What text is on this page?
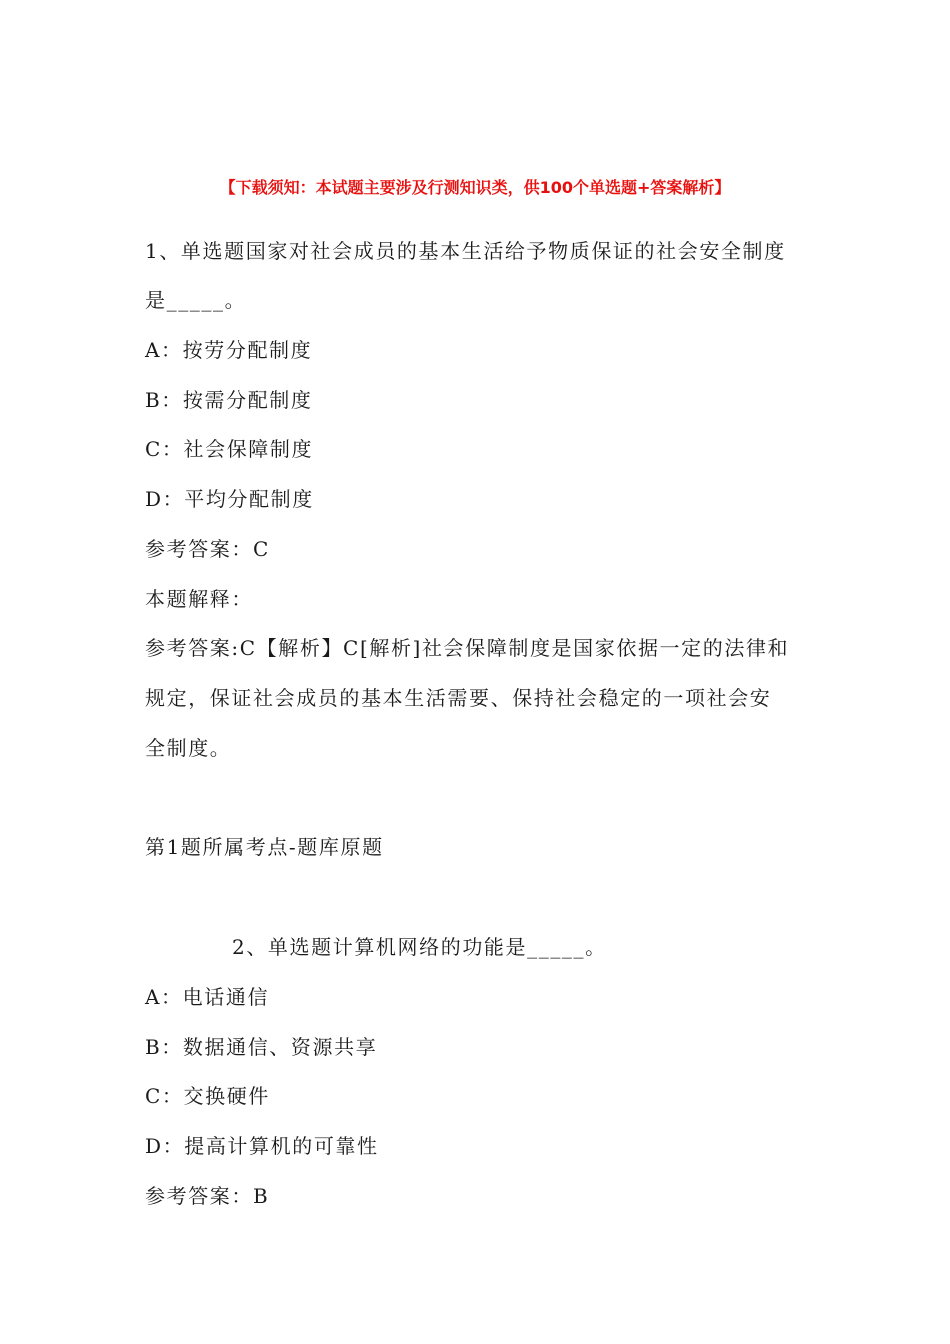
【下载须知：本试题主要涉及行测知识类，供100个单选题+答案解析】
1、单选题国家对社会成员的基本生活给予物质保证的社会安全制度
是_____。
A：按劳分配制度
B：按需分配制度
C：社会保障制度
D：平均分配制度
参考答案：C
本题解释：
参考答案:C【解析】C[解析]社会保障制度是国家依据一定的法律和
规定，保证社会成员的基本生活需要、保持社会稳定的一项社会安
全制度。
第1题所属考点-题库原题
2、单选题计算机网络的功能是_____。
A：电话通信
B：数据通信、资源共享
C：交换硬件
D：提高计算机的可靠性
参考答案：B
